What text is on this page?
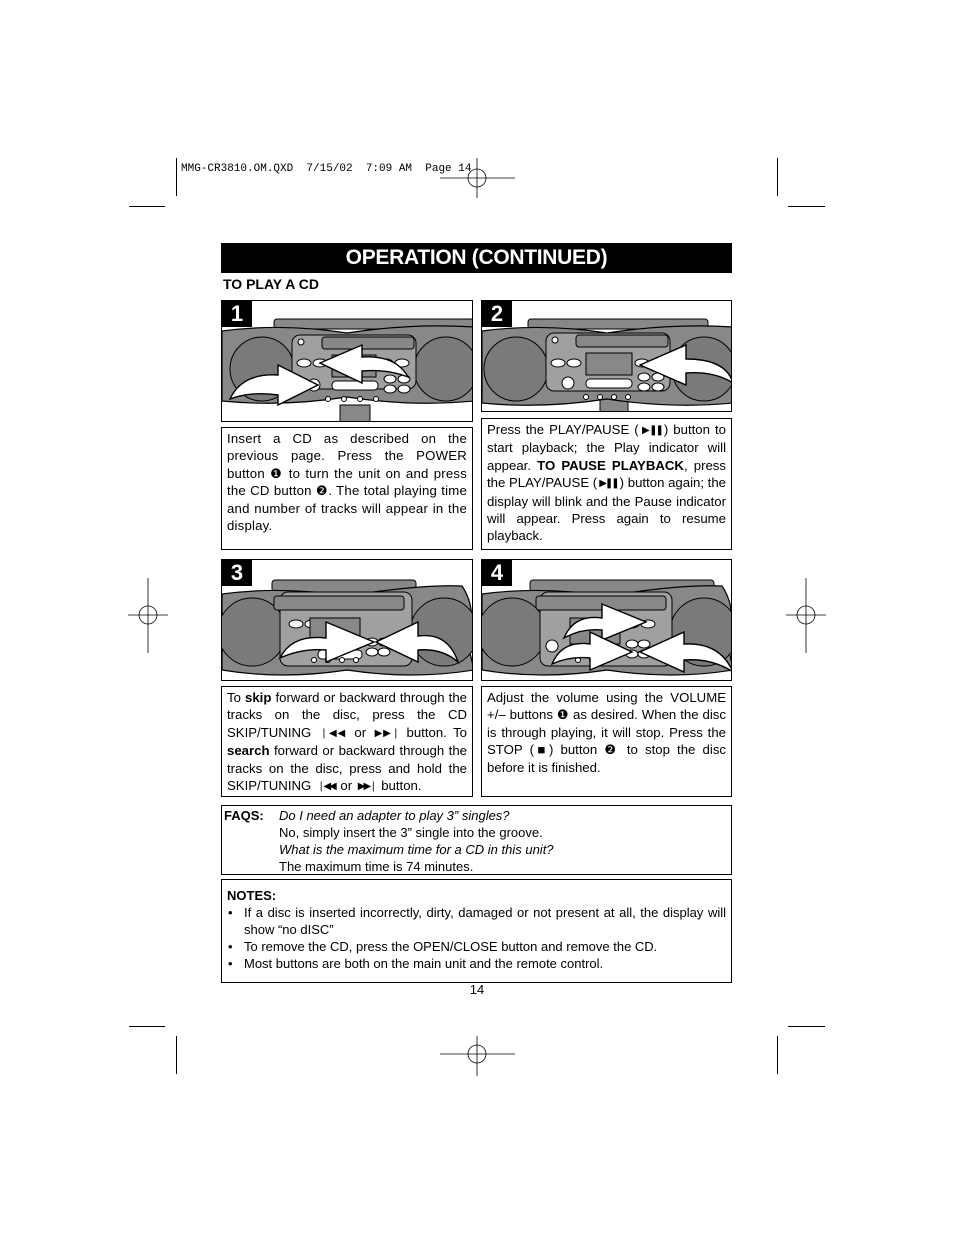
MMG-CR3810.OM.QXD  7/15/02  7:09 AM  Page 14
OPERATION (CONTINUED)
TO PLAY A CD
1	2
Insert a CD as described on the previous page. Press the POWER button ❶ to turn the unit on and press the CD button ❷. The total playing time and number of tracks will appear in the display.
Press the PLAY/PAUSE ( ▶❚❚ ) button to start playback; the Play indicator will appear. TO PAUSE PLAYBACK, press the PLAY/PAUSE ( ▶❚❚ ) button again; the display will blink and the Pause indicator will appear. Press again to resume playback.
3	4
To skip forward or backward through the tracks on the disc, press the CD SKIP/TUNING ❘◀◀ or ▶▶❘ button. To search forward or backward through the tracks on the disc, press and hold the SKIP/TUNING ❘◀◀ or ▶▶❘ button.
Adjust the volume using the VOLUME +/– buttons ❶ as desired. When the disc is through playing, it will stop. Press the STOP (■) button ❷ to stop the disc before it is finished.
FAQS: Do I need an adapter to play 3” singles?
No, simply insert the 3” single into the groove.
What is the maximum time for a CD in this unit?
The maximum time is 74 minutes.
NOTES:
• If a disc is inserted incorrectly, dirty, damaged or not present at all, the display will show “no dISC”
• To remove the CD, press the OPEN/CLOSE button and remove the CD.
• Most buttons are both on the main unit and the remote control.
14
